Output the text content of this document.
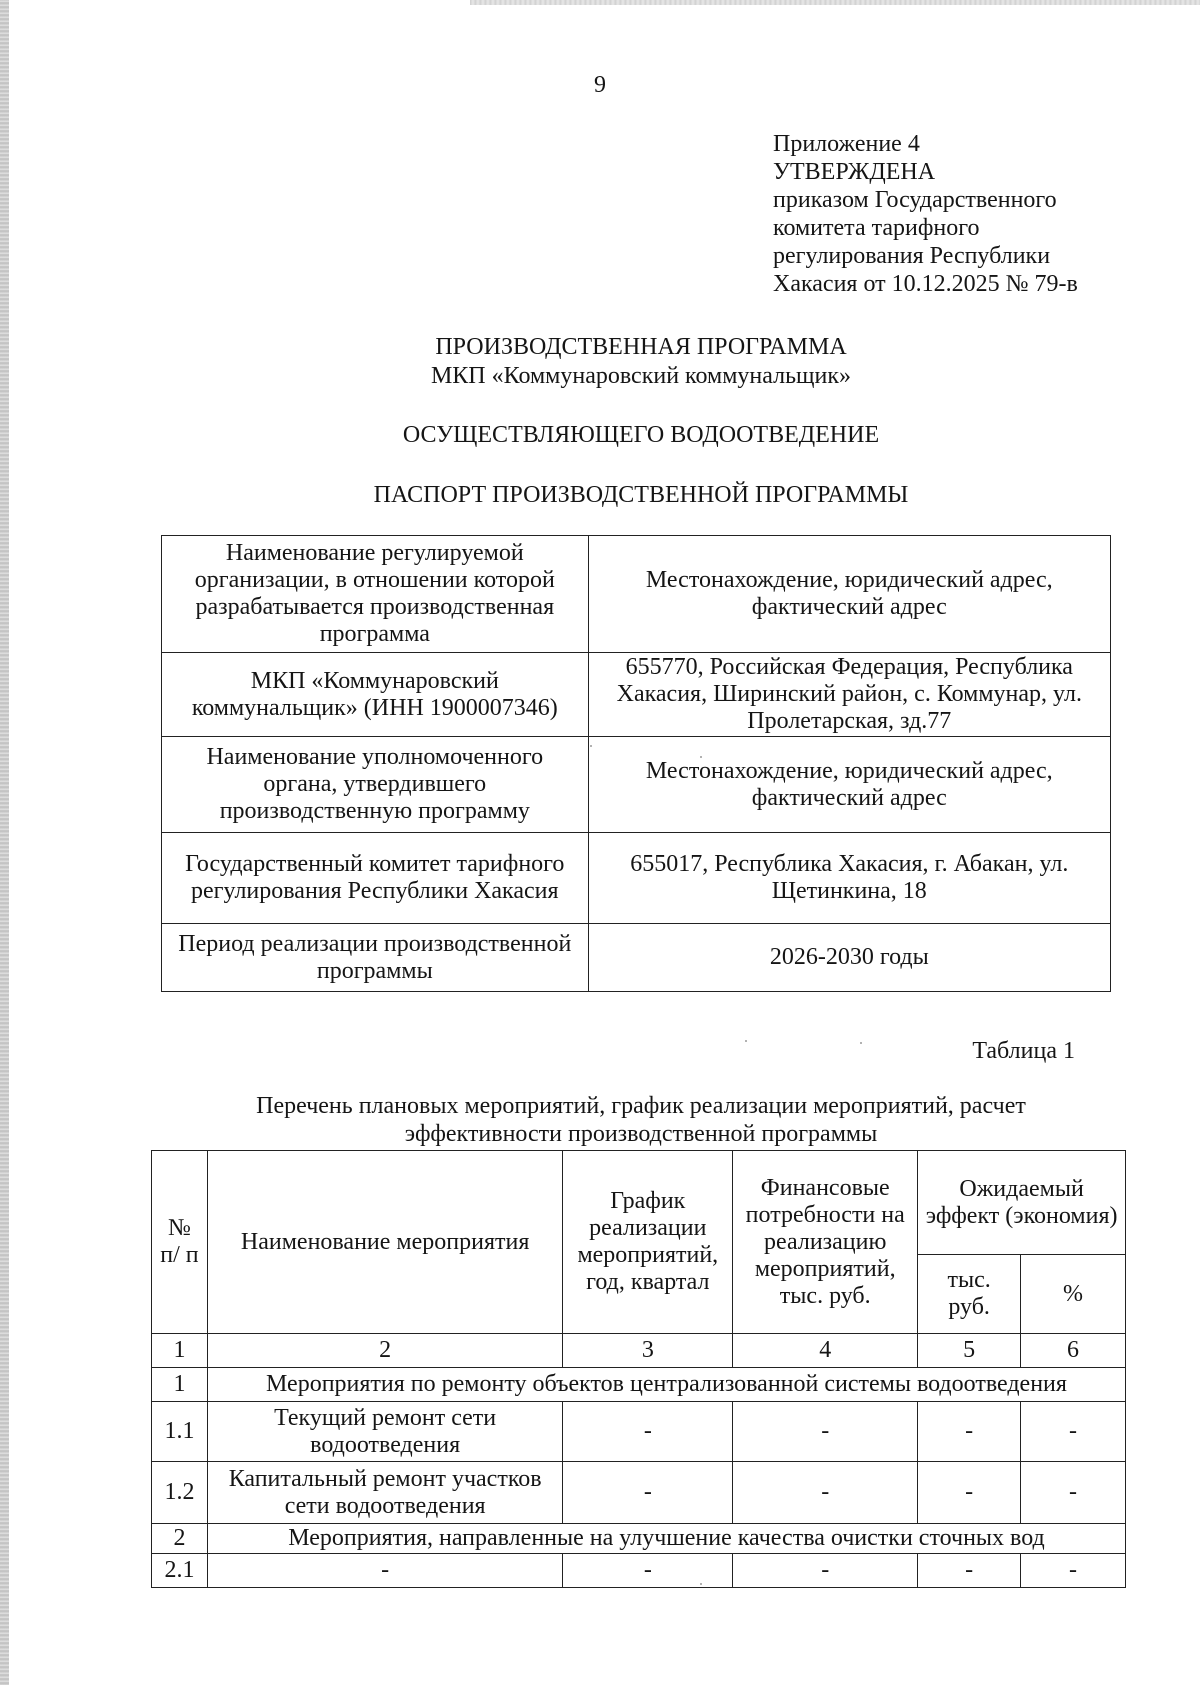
9
Приложение 4
УТВЕРЖДЕНА
приказом Государственного
комитета тарифного
регулирования Республики
Хакасия от 10.12.2025 № 79-в
ПРОИЗВОДСТВЕННАЯ ПРОГРАММА
МКП «Коммунаровский коммунальщик»
ОСУЩЕСТВЛЯЮЩЕГО ВОДООТВЕДЕНИЕ
ПАСПОРТ ПРОИЗВОДСТВЕННОЙ ПРОГРАММЫ
Наименование регулируемой организации, в отношении которой разрабатывается производственная программа	Местонахождение, юридический адрес, фактический адрес
МКП «Коммунаровский коммунальщик» (ИНН 1900007346)	655770, Российская Федерация, Республика Хакасия, Ширинский район, с. Коммунар, ул. Пролетарская, зд.77
Наименование уполномоченного органа, утвердившего производственную программу	Местонахождение, юридический адрес, фактический адрес
Государственный комитет тарифного регулирования Республики Хакасия	655017, Республика Хакасия, г. Абакан, ул. Щетинкина, 18
Период реализации производственной программы	2026-2030 годы
Таблица 1
Перечень плановых мероприятий, график реализации мероприятий, расчет
эффективности производственной программы
№ п/ п	Наименование мероприятия	График реализации мероприятий, год, квартал	Финансовые потребности на реализацию мероприятий, тыс. руб.	Ожидаемый эффект (экономия)	
				тыс. руб.	%
1	2	3	4	5	6
1	Мероприятия по ремонту объектов централизованной системы водоотведения				
1.1	Текущий ремонт сети водоотведения	-	-	-	-
1.2	Капитальный ремонт участков сети водоотведения	-	-	-	-
2	Мероприятия, направленные на улучшение качества очистки сточных вод				
2.1	-	-	-	-	-
